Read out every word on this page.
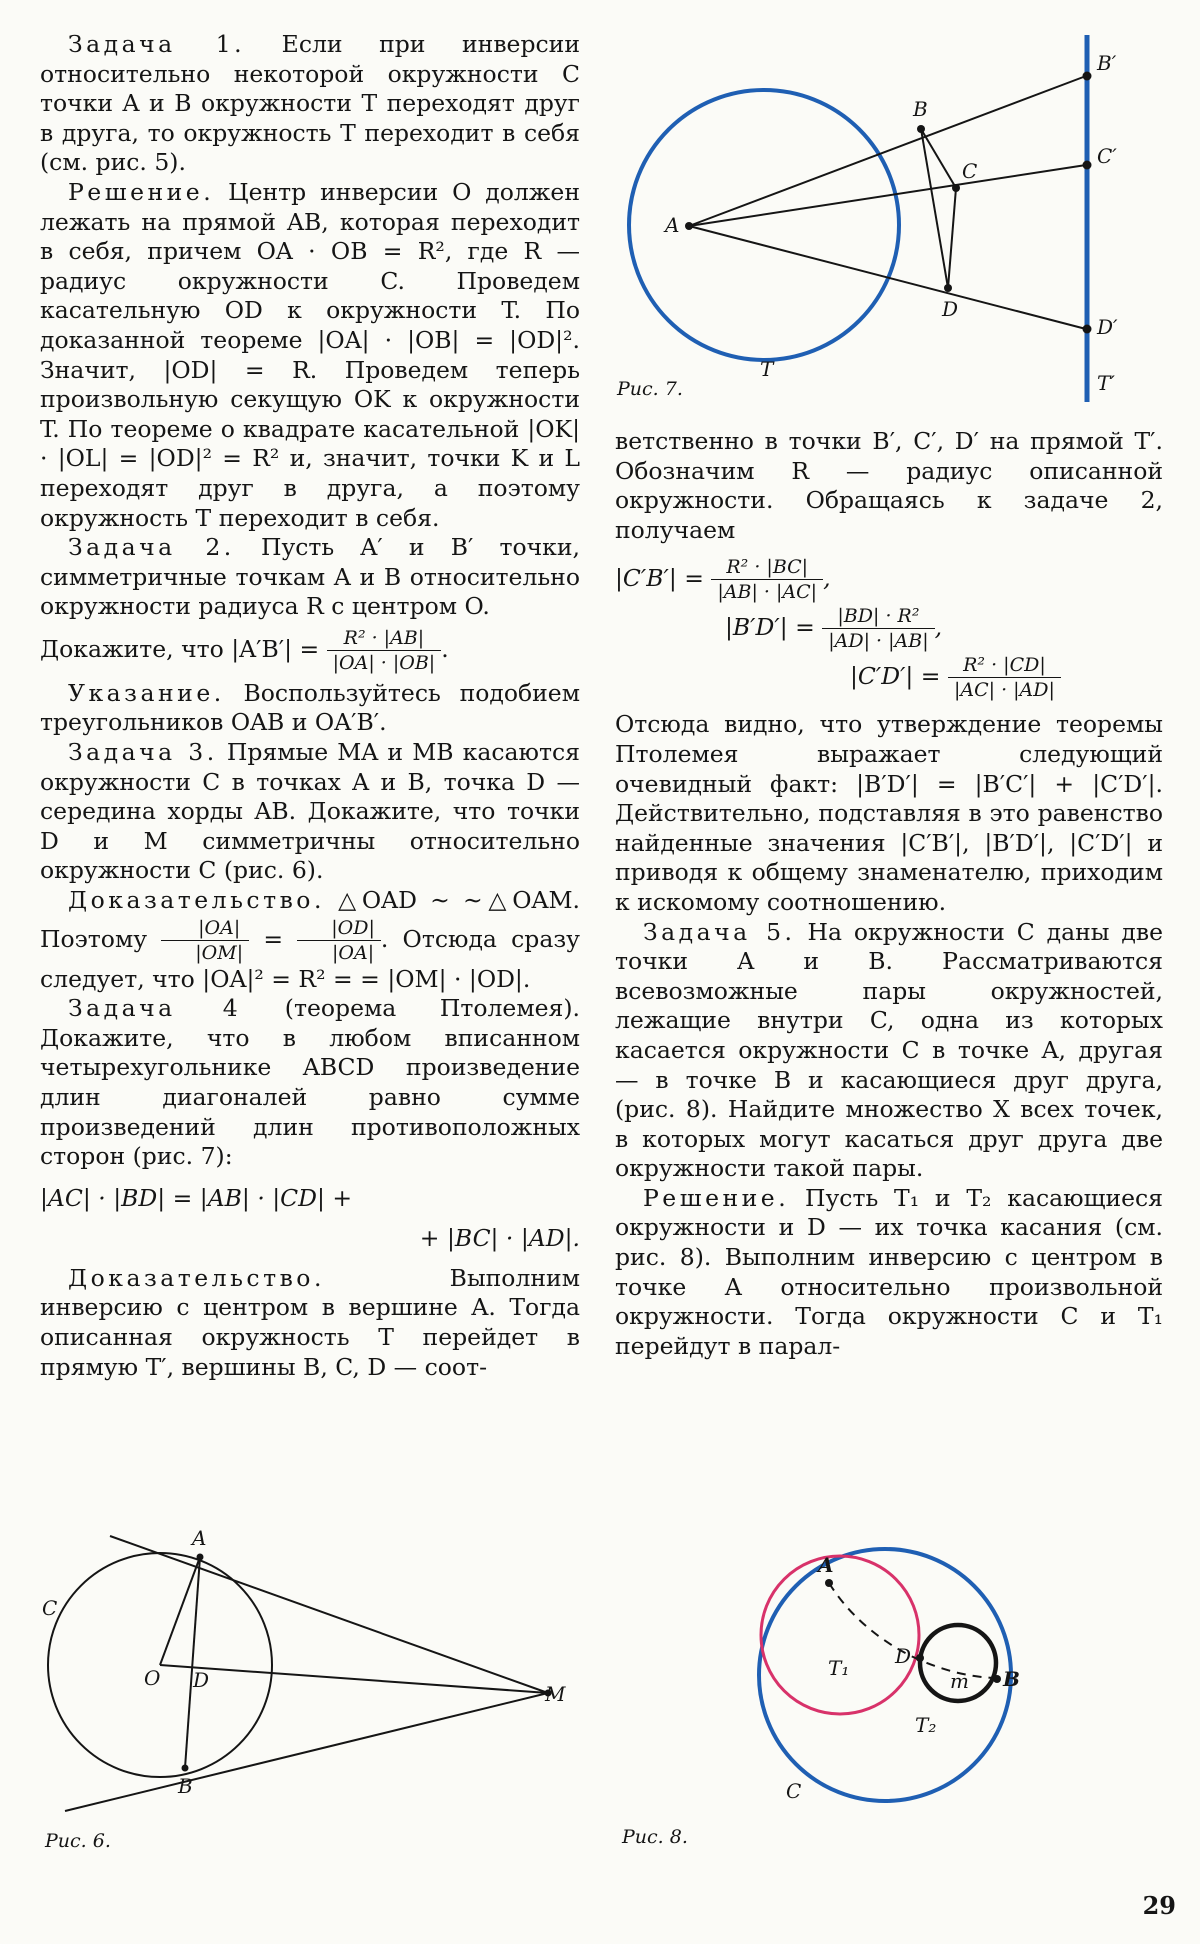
Задача 1. Если при инверсии относительно некоторой окружности C точки A и B окружности T переходят друг в друга, то окружность T переходит в себя (см. рис. 5).

Решение. Центр инверсии O должен лежать на прямой AB, которая переходит в себя, причем OA · OB = R², где R — радиус окружности C. Проведем касательную OD к окружности T. По доказанной теореме |OA| · |OB| = |OD|². Значит, |OD| = R. Проведем теперь произвольную секущую OK к окружности T. По теореме о квадрате касательной |OK| · |OL| = |OD|² = R² и, значит, точки K и L переходят друг в друга, а поэтому окружность T переходит в себя.

Задача 2. Пусть A′ и B′ точки, симметричные точкам A и B относительно окружности радиуса R с центром O.

Докажите, что $|A'B'| = \frac{\text{R² · |AB|}}{|OA| \cdot |OB|}$ .

Указание. Воспользуйтесь подобием треугольников OAB и OA′B′.

Задача 3. Прямые MA и MB касаются окружности C в точках A и B, точка D — середина хорды AB. Докажите, что точки D и M симметричны относительно окружности C (рис. 6).

Доказательство. △OAD ∼ ∼△OAM. Поэтому $\frac{|OA|}{|OM|} = \frac{|OD|}{|OA|}$ . Отсюда сразу следует, что |OA|² = R² = = |OM| · |OD|.

Задача 4 (теорема Птолемея). Докажите, что в любом вписанном четырехугольнике ABCD произведение длин диагоналей равно сумме произведений длин противоположных сторон (рис. 7):

|AC| · |BD| = |AB| · |CD| +
+ |BC| · |AD|.

Доказательство. Выполним инверсию с центром в вершине A. Тогда описанная окружность T перейдет в прямую T′, вершины B, C, D — соот-

A
B
C
D
T
B′
C′
D′
T′
Рис. 7.

ветственно в точки B′, C′, D′ на прямой T′. Обозначим R — радиус описанной окружности. Обращаясь к задаче 2, получаем

$|C'B'| = \frac{\text{R² · |BC|}}{|AB| \cdot |AC|}$ ,
$|B'D'| = \frac{\text{|BD| · R²}}{|AD| \cdot |AB|}$ ,
$|C'D'| = \frac{\text{R² · |CD|}}{|AC| \cdot |AD|}$

Отсюда видно, что утверждение теоремы Птолемея выражает следующий очевидный факт: |B′D′| = |B′C′| + |C′D′|. Действительно, подставляя в это равенство найденные значения |C′B′|, |B′D′|, |C′D′| и приводя к общему знаменателю, приходим к искомому соотношению.

Задача 5. На окружности C даны две точки A и B. Рассматриваются всевозможные пары окружностей, лежащие внутри C, одна из которых касается окружности C в точке A, другая — в точке B и касающиеся друг друга, (рис. 8). Найдите множество X всех точек, в которых могут касаться друг друга две окружности такой пары.

Решение. Пусть T₁ и T₂ касающиеся окружности и D — их точка касания (см. рис. 8). Выполним инверсию с центром в точке A относительно произвольной окружности. Тогда окружности C и T₁ перейдут в парал-

A
B
C
O D
M
Рис. 6.
A
B
D
m
T₁
T₂
C
Рис. 8.
29
